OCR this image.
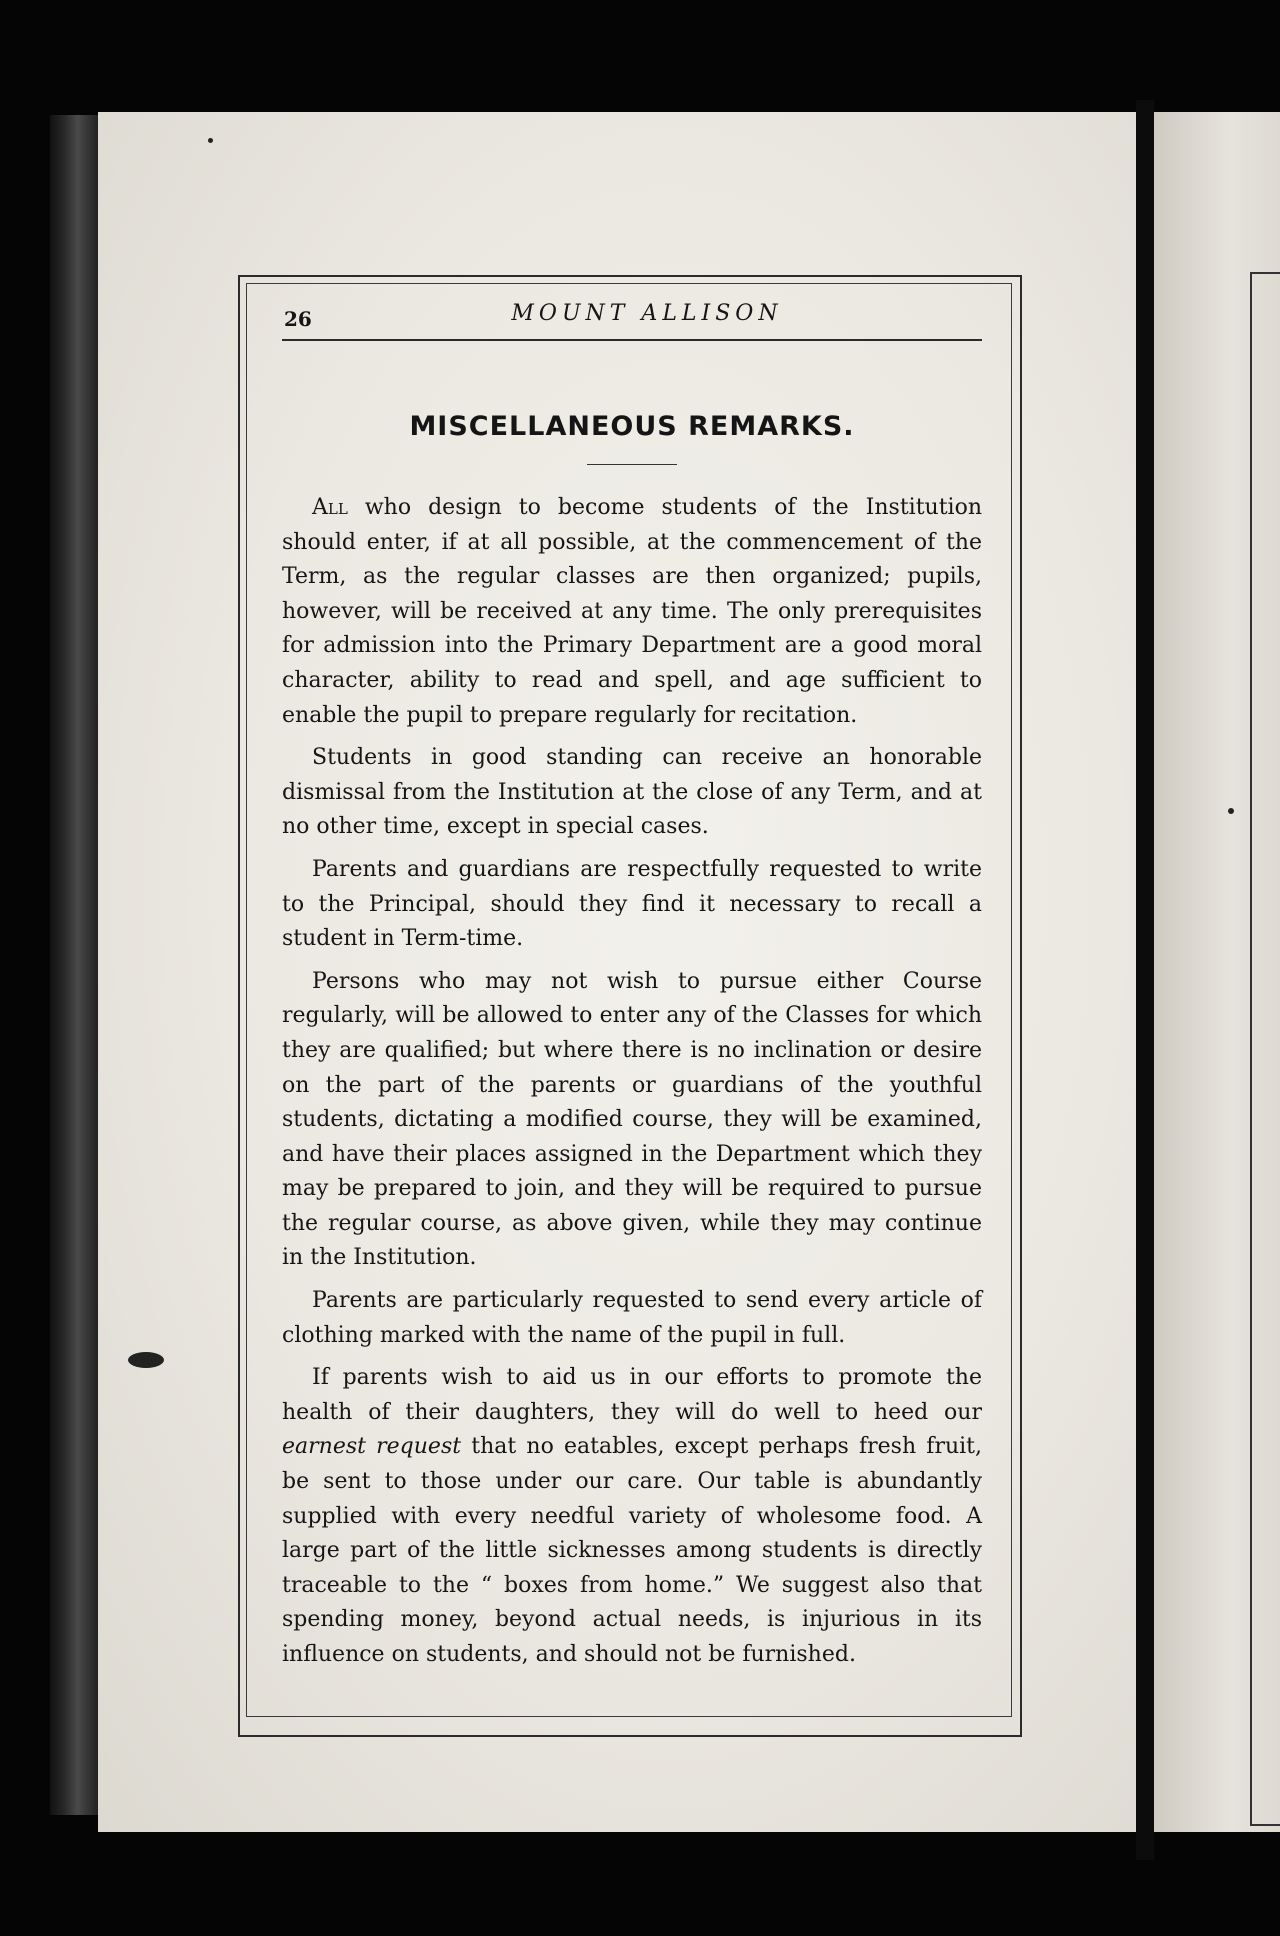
26	MOUNT ALLISON
MISCELLANEOUS REMARKS.

All who design to become students of the Institution should enter, if at all possible, at the commencement of the Term, as the regular classes are then organized; pupils, however, will be received at any time. The only prerequisites for admission into the Primary Department are a good moral character, ability to read and spell, and age sufficient to enable the pupil to prepare regularly for recitation.

Students in good standing can receive an honorable dismissal from the Institution at the close of any Term, and at no other time, except in special cases.

Parents and guardians are respectfully requested to write to the Principal, should they find it necessary to recall a student in Term-time.

Persons who may not wish to pursue either Course regularly, will be allowed to enter any of the Classes for which they are qualified; but where there is no inclination or desire on the part of the parents or guardians of the youthful students, dictating a modified course, they will be examined, and have their places assigned in the Department which they may be prepared to join, and they will be required to pursue the regular course, as above given, while they may continue in the Institution.

Parents are particularly requested to send every article of clothing marked with the name of the pupil in full.

If parents wish to aid us in our efforts to promote the health of their daughters, they will do well to heed our earnest request that no eatables, except perhaps fresh fruit, be sent to those under our care. Our table is abundantly supplied with every needful variety of wholesome food. A large part of the little sicknesses among students is directly traceable to the “ boxes from home.” We suggest also that spending money, beyond actual needs, is injurious in its influence on students, and should not be furnished.
